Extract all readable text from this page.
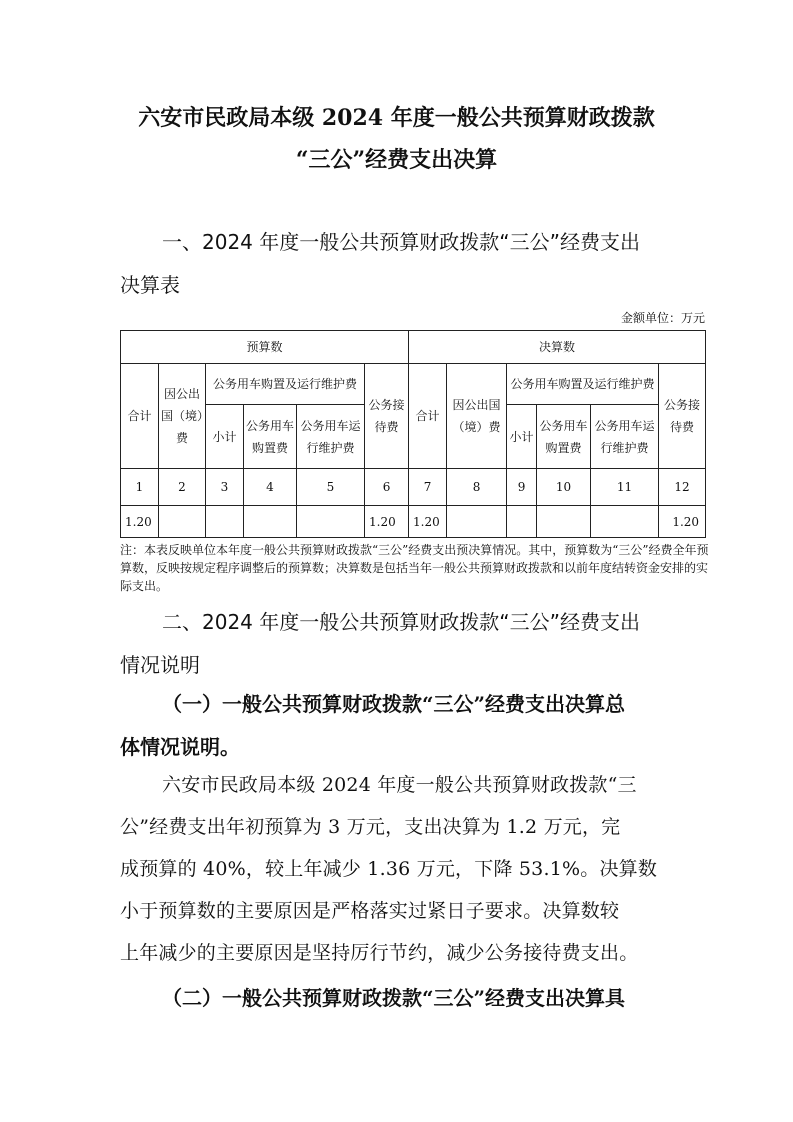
六安市民政局本级 2024 年度一般公共预算财政拨款
“三公”经费支出决算
一、2024 年度一般公共预算财政拨款“三公”经费支出
决算表
金额单位：万元
预算数						决算数					
合计	因公出国（境）费	公务用车购置及运行维护费			公务接待费	合计	因公出国（境）费	公务用车购置及运行维护费			公务接待费
		小计	公务用车购置费	公务用车运行维护费				小计	公务用车购置费	公务用车运行维护费	
1	2	3	4	5	6	7	8	9	10	11	12
1.20					1.20	1.20					1.20
注：本表反映单位本年度一般公共预算财政拨款“三公”经费支出预决算情况。其中，预算数为“三公”经费全年预算数，反映按规定程序调整后的预算数；决算数是包括当年一般公共预算财政拨款和以前年度结转资金安排的实际支出。
二、2024 年度一般公共预算财政拨款“三公”经费支出
情况说明
（一）一般公共预算财政拨款“三公”经费支出决算总
体情况说明。
六安市民政局本级 2024 年度一般公共预算财政拨款“三
公”经费支出年初预算为 3 万元，支出决算为 1.2 万元，完
成预算的 40%，较上年减少 1.36 万元，下降 53.1%。决算数
小于预算数的主要原因是严格落实过紧日子要求。决算数较
上年减少的主要原因是坚持厉行节约，减少公务接待费支出。
（二）一般公共预算财政拨款“三公”经费支出决算具
